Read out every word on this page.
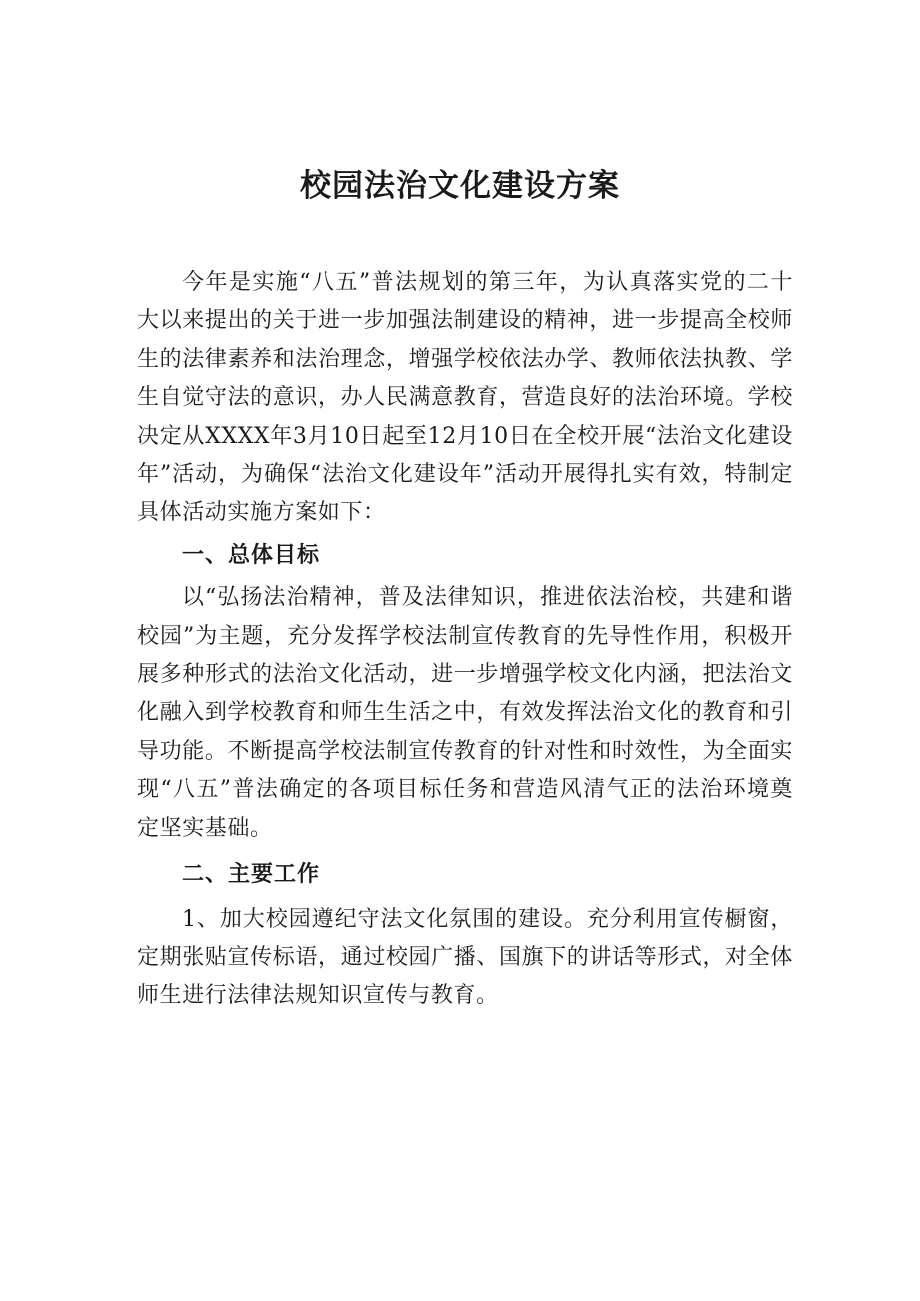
校园法治文化建设方案

今年是实施“八五”普法规划的第三年，为认真落实党的二十大以来提出的关于进一步加强法制建设的精神，进一步提高全校师生的法律素养和法治理念，增强学校依法办学、教师依法执教、学生自觉守法的意识，办人民满意教育，营造良好的法治环境。学校决定从XXXX年3月10日起至12月10日在全校开展“法治文化建设年”活动，为确保“法治文化建设年”活动开展得扎实有效，特制定具体活动实施方案如下：

一、总体目标

以“弘扬法治精神，普及法律知识，推进依法治校，共建和谐校园”为主题，充分发挥学校法制宣传教育的先导性作用，积极开展多种形式的法治文化活动，进一步增强学校文化内涵，把法治文化融入到学校教育和师生生活之中，有效发挥法治文化的教育和引导功能。不断提高学校法制宣传教育的针对性和时效性，为全面实现“八五”普法确定的各项目标任务和营造风清气正的法治环境奠定坚实基础。

二、主要工作

1、加大校园遵纪守法文化氛围的建设。充分利用宣传橱窗，定期张贴宣传标语，通过校园广播、国旗下的讲话等形式，对全体师生进行法律法规知识宣传与教育。
